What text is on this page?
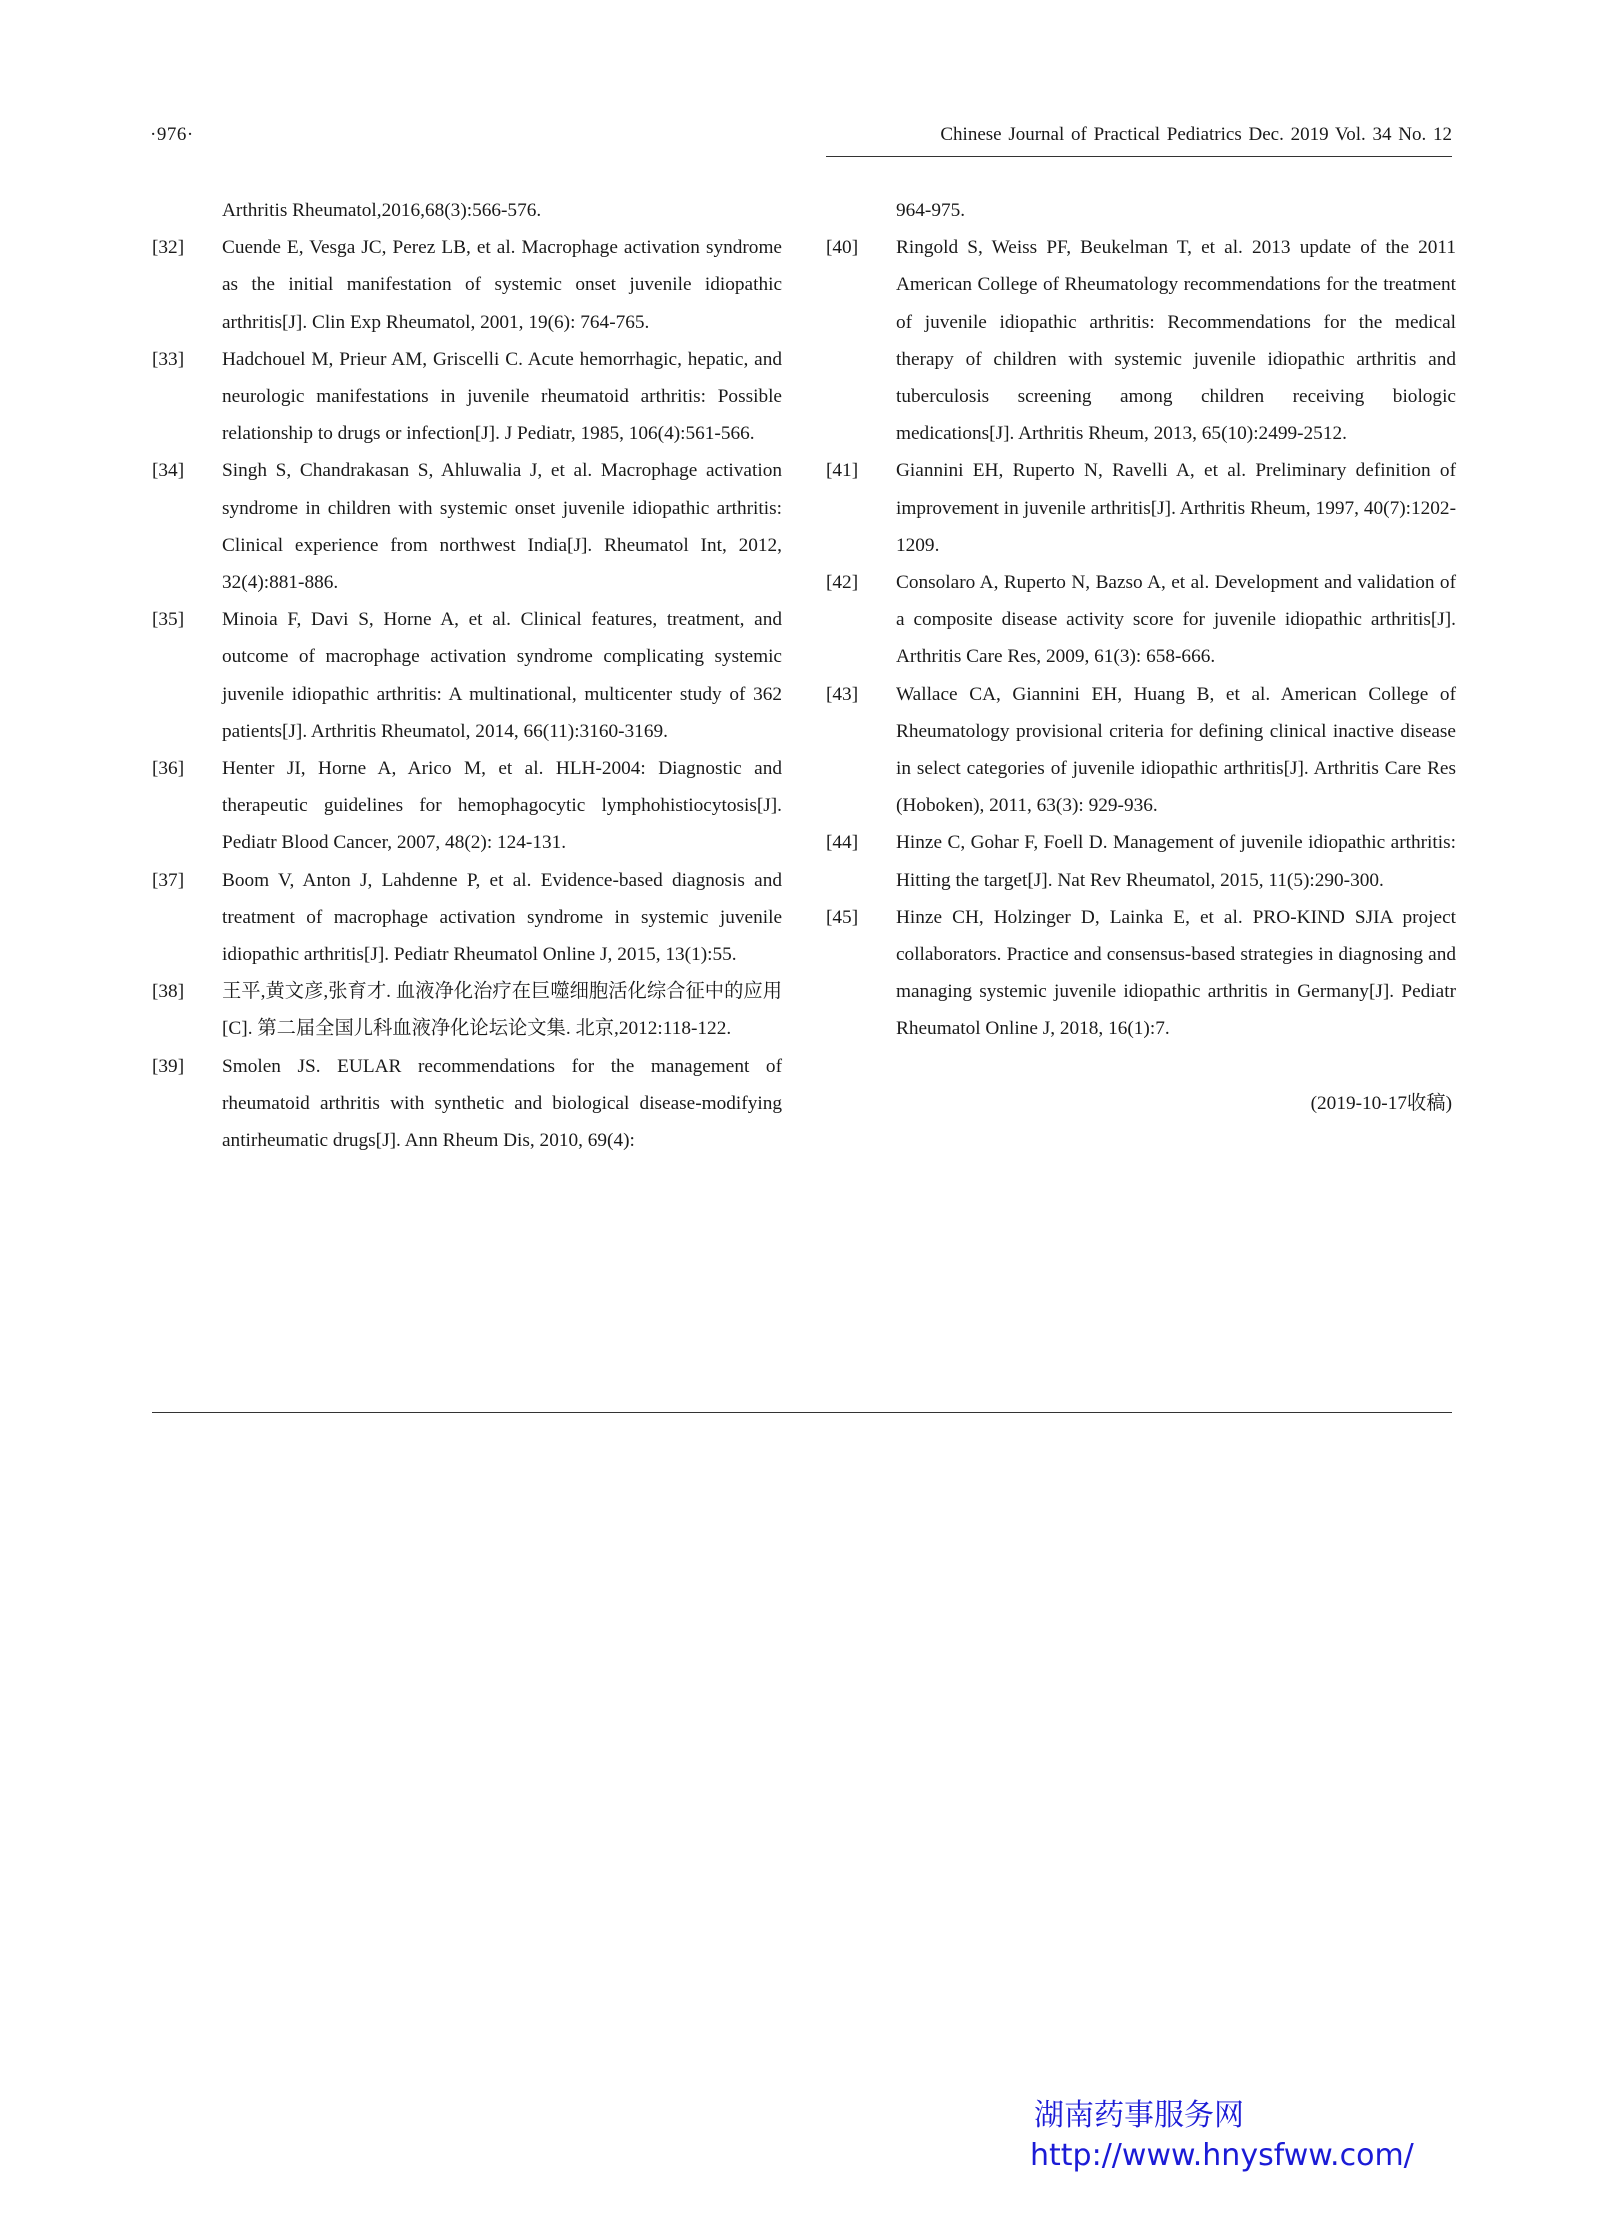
·976·	Chinese Journal of Practical Pediatrics Dec. 2019 Vol. 34 No. 12
Arthritis Rheumatol,2016,68(3):566-576.
[32]	Cuende E, Vesga JC, Perez LB, et al. Macrophage activation syndrome as the initial manifestation of systemic onset juvenile idiopathic arthritis[J]. Clin Exp Rheumatol, 2001, 19(6): 764-765.
[33]	Hadchouel M, Prieur AM, Griscelli C. Acute hemorrhagic, hepatic, and neurologic manifestations in juvenile rheumatoid arthritis: Possible relationship to drugs or infection[J]. J Pediatr, 1985, 106(4):561-566.
[34]	Singh S, Chandrakasan S, Ahluwalia J, et al. Macrophage activation syndrome in children with systemic onset juvenile idiopathic arthritis: Clinical experience from northwest India[J]. Rheumatol Int, 2012, 32(4):881-886.
[35]	Minoia F, Davi S, Horne A, et al. Clinical features, treatment, and outcome of macrophage activation syndrome complicating systemic juvenile idiopathic arthritis: A multinational, multicenter study of 362 patients[J]. Arthritis Rheumatol, 2014, 66(11):3160-3169.
[36]	Henter JI, Horne A, Arico M, et al. HLH-2004: Diagnostic and therapeutic guidelines for hemophagocytic lymphohistiocytosis[J]. Pediatr Blood Cancer, 2007, 48(2): 124-131.
[37]	Boom V, Anton J, Lahdenne P, et al. Evidence-based diagnosis and treatment of macrophage activation syndrome in systemic juvenile idiopathic arthritis[J]. Pediatr Rheumatol Online J, 2015, 13(1):55.
[38]	王平,黄文彦,张育才. 血液净化治疗在巨噬细胞活化综合征中的应用[C]. 第二届全国儿科血液净化论坛论文集. 北京,2012:118-122.
[39]	Smolen JS. EULAR recommendations for the management of rheumatoid arthritis with synthetic and biological disease-modifying antirheumatic drugs[J]. Ann Rheum Dis, 2010, 69(4):
964-975.
[40]	Ringold S, Weiss PF, Beukelman T, et al. 2013 update of the 2011 American College of Rheumatology recommendations for the treatment of juvenile idiopathic arthritis: Recommendations for the medical therapy of children with systemic juvenile idiopathic arthritis and tuberculosis screening among children receiving biologic medications[J]. Arthritis Rheum, 2013, 65(10):2499-2512.
[41]	Giannini EH, Ruperto N, Ravelli A, et al. Preliminary definition of improvement in juvenile arthritis[J]. Arthritis Rheum, 1997, 40(7):1202-1209.
[42]	Consolaro A, Ruperto N, Bazso A, et al. Development and validation of a composite disease activity score for juvenile idiopathic arthritis[J]. Arthritis Care Res, 2009, 61(3): 658-666.
[43]	Wallace CA, Giannini EH, Huang B, et al. American College of Rheumatology provisional criteria for defining clinical inactive disease in select categories of juvenile idiopathic arthritis[J]. Arthritis Care Res (Hoboken), 2011, 63(3): 929-936.
[44]	Hinze C, Gohar F, Foell D. Management of juvenile idiopathic arthritis: Hitting the target[J]. Nat Rev Rheumatol, 2015, 11(5):290-300.
[45]	Hinze CH, Holzinger D, Lainka E, et al. PRO-KIND SJIA project collaborators. Practice and consensus-based strategies in diagnosing and managing systemic juvenile idiopathic arthritis in Germany[J]. Pediatr Rheumatol Online J, 2018, 16(1):7.
(2019-10-17收稿)
湖南药事服务网
http://www.hnysfww.com/
